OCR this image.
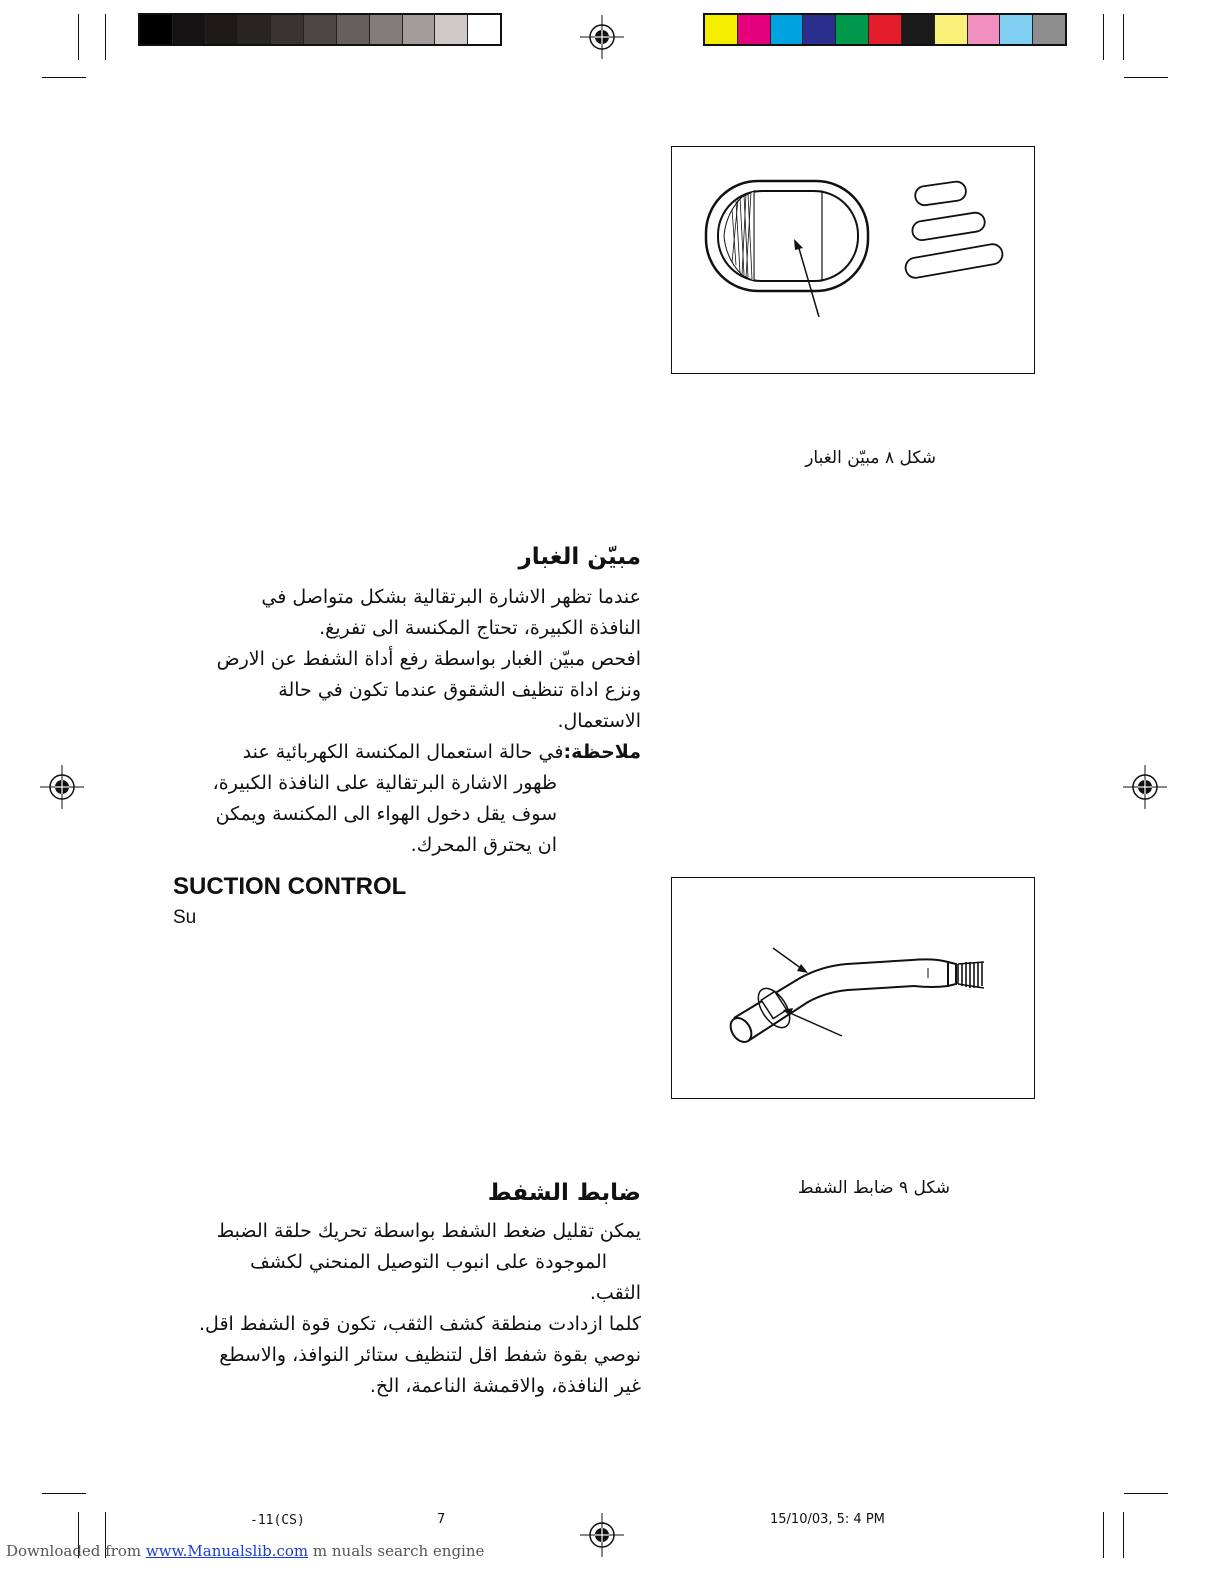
شكل ٨ مبيّن الغبار
مبيّن الغبار
عندما تظهر الاشارة البرتقالية بشكل متواصل في
النافذة الكبيرة، تحتاج المكنسة الى تفريغ.
افحص مبيّن الغبار بواسطة رفع أداة الشفط عن الارض
ونزع اداة تنظيف الشقوق عندما تكون في حالة
الاستعمال.
ملاحظة:في حالة استعمال المكنسة الكهربائية عند
ظهور الاشارة البرتقالية على النافذة الكبيرة،
سوف يقل دخول الهواء الى المكنسة ويمكن
ان يحترق المحرك.
SUCTION CONTROL
Su
شكل ٩ ضابط الشفط
ضابط الشفط
يمكن تقليل ضغط الشفط بواسطة تحريك حلقة الضبط
الموجودة على انبوب التوصيل المنحني لكشف
الثقب.
كلما ازدادت منطقة كشف الثقب، تكون قوة الشفط اقل.
نوصي بقوة شفط اقل لتنظيف ستائر النوافذ، والاسطع
غير النافذة، والاقمشة الناعمة، الخ.
-11(CS)	7	15/10/03, 5: 4 PM
Downloaded from www.Manualslib.com m nuals search engine
